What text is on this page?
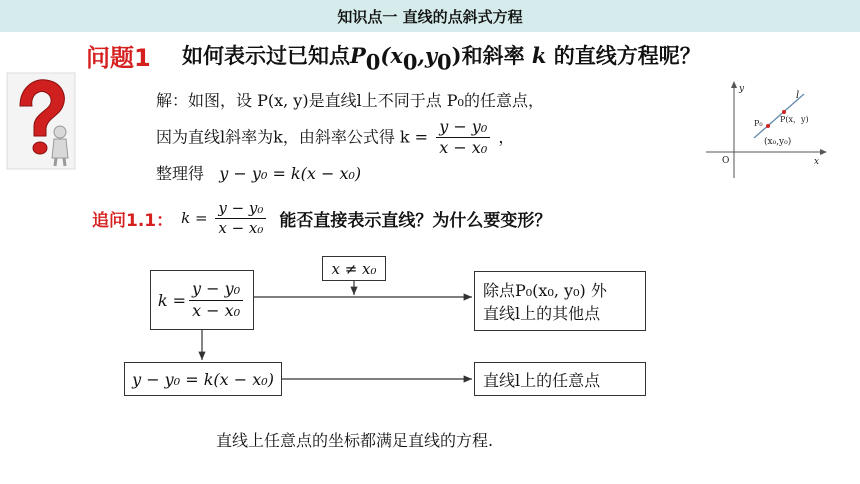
知识点一 直线的点斜式方程
问题1 如何表示过已知点$P_0(x_0,y_0)$和斜率 k 的直线方程呢？
解：如图，设 P(x, y)是直线l上不同于点 P₀的任意点，
因为直线l斜率为k，由斜率公式得 $k = \frac{\text{y − y₀}}{\text{x − x₀}}$ ，
整理得 y − y₀ = k(x − x₀)
y
x
O
l
P₀ P(x，y)
(x₀,y₀)
追问1.1： $k = \frac{\text{y − y₀}}{\text{x − x₀}}$ 能否直接表示直线？为什么要变形？
$k = \frac{\text{y − y₀}}{\text{x − x₀}}$
x ≠ x₀
除点P₀(x₀, y₀) 外
直线l上的其他点
y − y₀ = k(x − x₀)	直线l上的任意点
直线上任意点的坐标都满足直线的方程.
